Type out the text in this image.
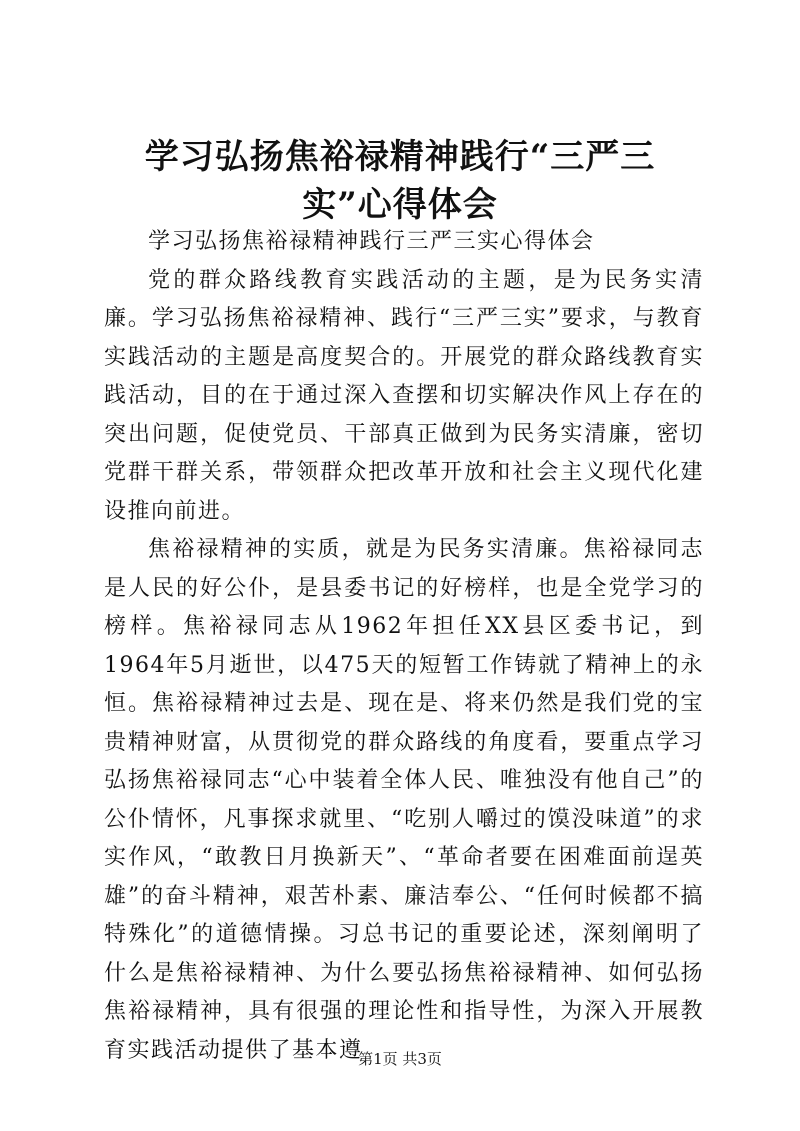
学习弘扬焦裕禄精神践行“三严三实”心得体会

学习弘扬焦裕禄精神践行三严三实心得体会

党的群众路线教育实践活动的主题，是为民务实清廉。学习弘扬焦裕禄精神、践行“三严三实”要求，与教育实践活动的主题是高度契合的。开展党的群众路线教育实践活动，目的在于通过深入查摆和切实解决作风上存在的突出问题，促使党员、干部真正做到为民务实清廉，密切党群干群关系，带领群众把改革开放和社会主义现代化建设推向前进。

焦裕禄精神的实质，就是为民务实清廉。焦裕禄同志是人民的好公仆，是县委书记的好榜样，也是全党学习的榜样。焦裕禄同志从1962年担任XX县区委书记，到1964年5月逝世，以475天的短暂工作铸就了精神上的永恒。焦裕禄精神过去是、现在是、将来仍然是我们党的宝贵精神财富，从贯彻党的群众路线的角度看，要重点学习弘扬焦裕禄同志“心中装着全体人民、唯独没有他自己”的公仆情怀，凡事探求就里、“吃别人嚼过的馍没味道”的求实作风，“敢教日月换新天”、“革命者要在困难面前逞英雄”的奋斗精神，艰苦朴素、廉洁奉公、“任何时候都不搞特殊化”的道德情操。习总书记的重要论述，深刻阐明了什么是焦裕禄精神、为什么要弘扬焦裕禄精神、如何弘扬焦裕禄精神，具有很强的理论性和指导性，为深入开展教育实践活动提供了基本遵

第1页 共3页
